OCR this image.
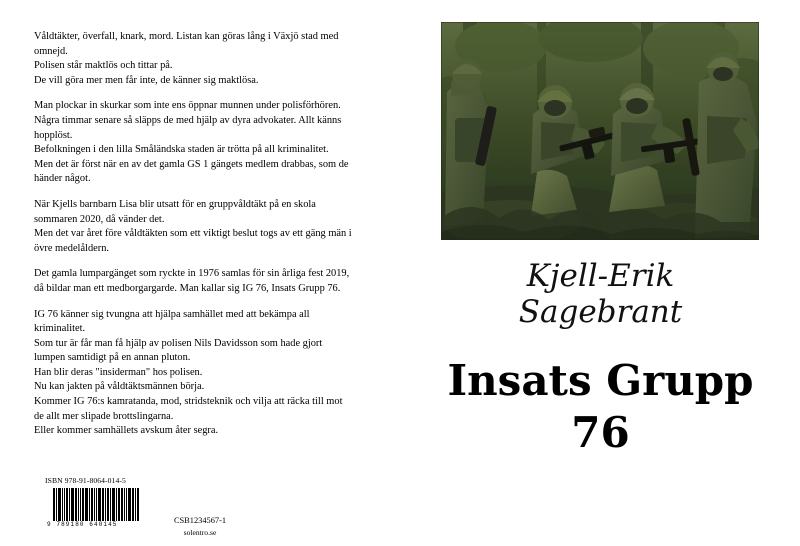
Våldtäkter, överfall, knark, mord. Listan kan göras lång i Växjö stad med omnejd.
Polisen står maktlös och tittar på.
De vill göra mer men får inte, de känner sig maktlösa.

Man plockar in skurkar som inte ens öppnar munnen under polisförhören.
Några timmar senare så släpps de med hjälp av dyra advokater. Allt känns hopplöst.
Befolkningen i den lilla Småländska staden är trötta på all kriminalitet.
Men det är först när en av det gamla GS 1 gängets medlem drabbas, som de händer något.

När Kjells barnbarn Lisa blir utsatt för en gruppvåldtäkt på en skola sommaren 2020, då vänder det.
Men det var året före våldtäkten som ett viktigt beslut togs av ett gäng män i övre medelåldern.

Det gamla lumpargänget som ryckte in 1976 samlas för sin årliga fest 2019, då bildar man ett medborgargarde. Man kallar sig IG 76, Insats Grupp 76.

IG 76 känner sig tvungna att hjälpa samhället med att bekämpa all kriminalitet.
Som tur är får man få hjälp av polisen Nils Davidsson som hade gjort lumpen samtidigt på en annan pluton.
Han blir deras "insiderman" hos polisen.
Nu kan jakten på våldtäktsmännen börja.
Kommer IG 76:s kamratanda, mod, stridsteknik och vilja att räcka till mot de allt mer slipade brottslingarna.
Eller kommer samhällets avskum åter segra.

ISBN 978-91-8064-014-5
9 789180 640145	CSB1234567-1
solentro.se
Kjell-Erik
Sagebrant
Insats Grupp
76
